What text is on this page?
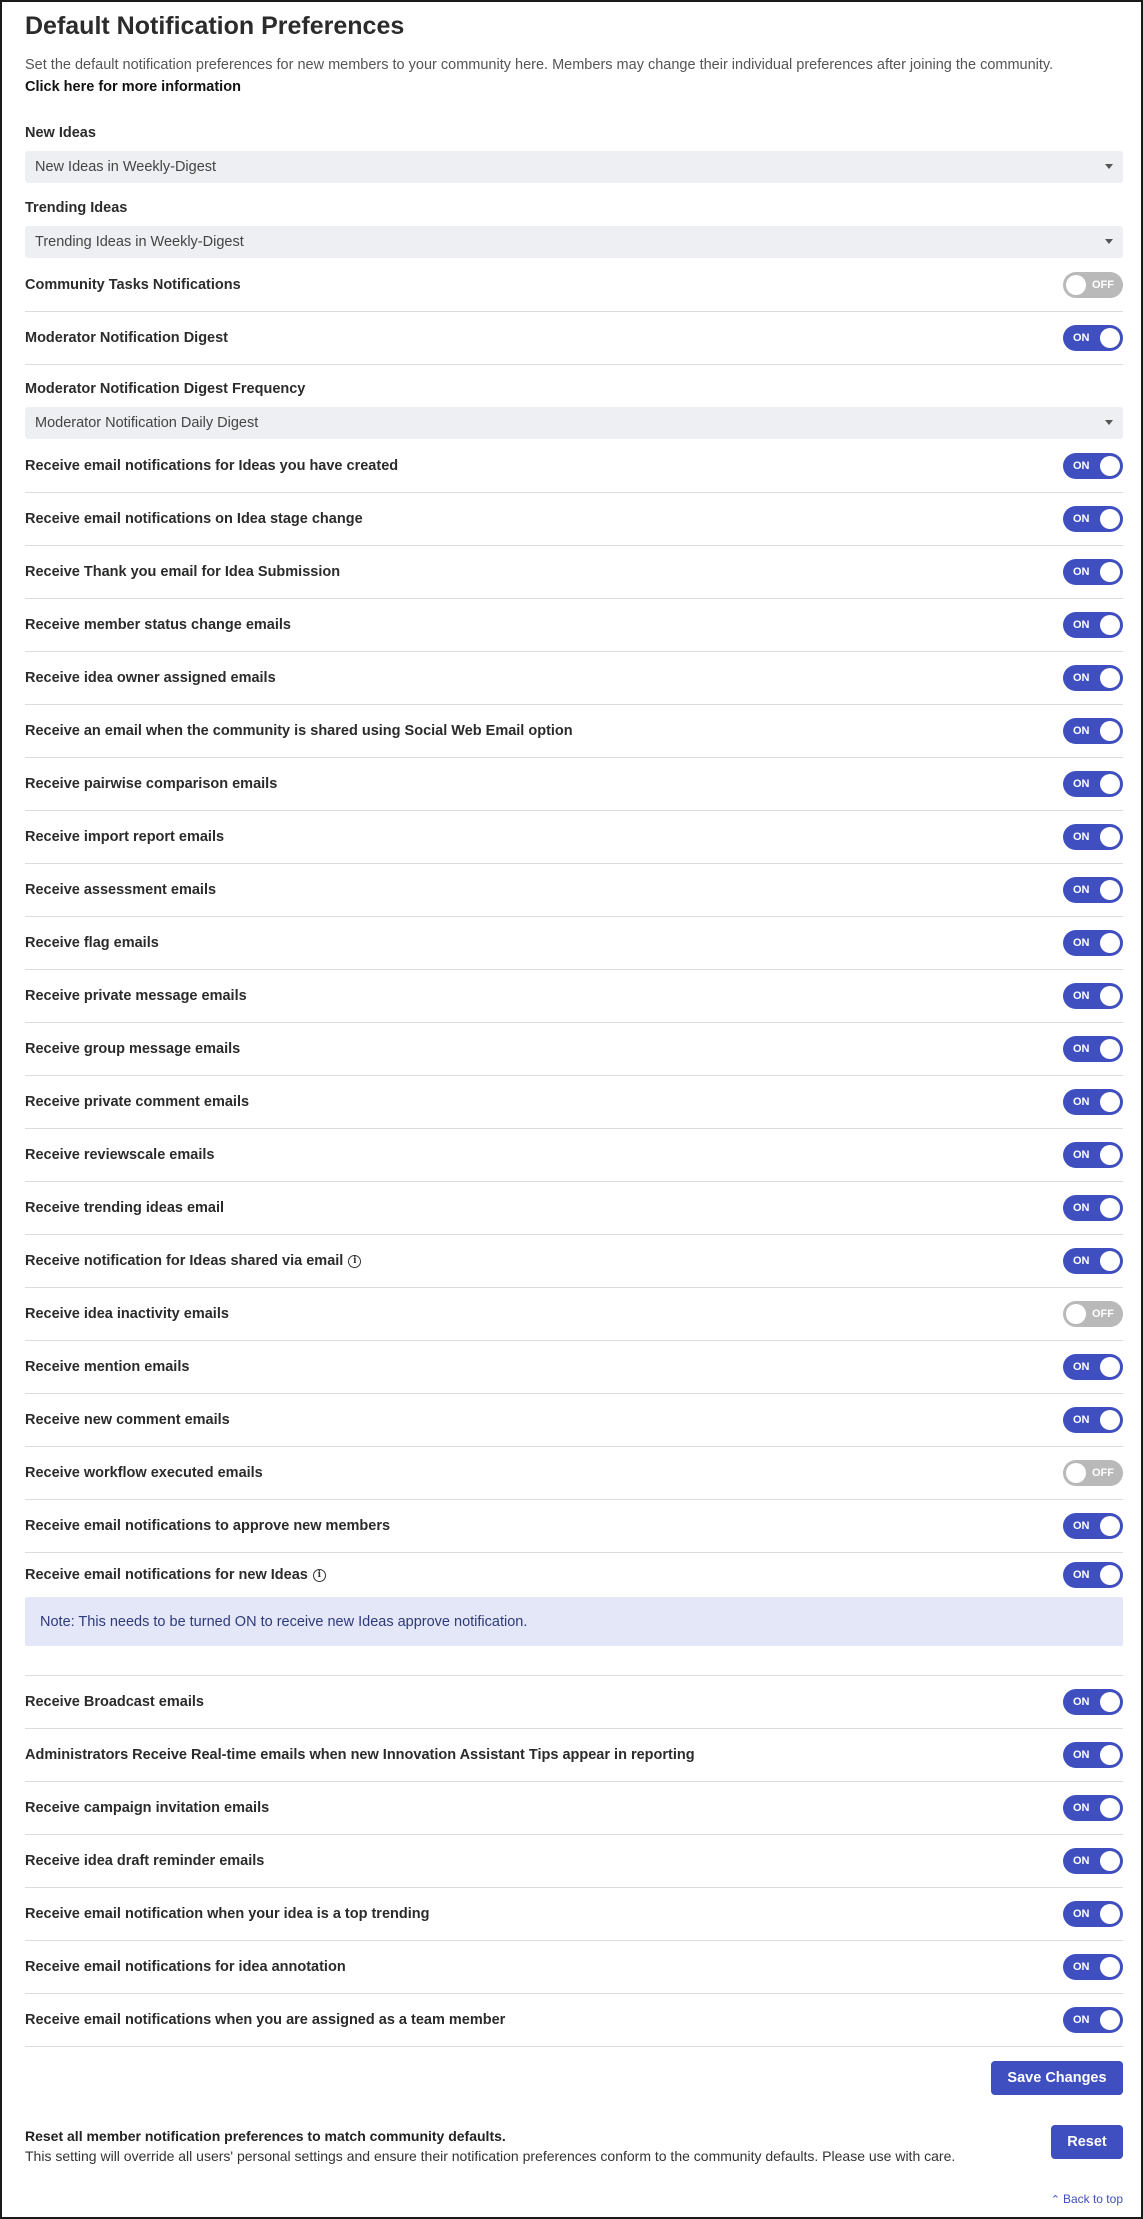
Default Notification Preferences
Set the default notification preferences for new members to your community here. Members may change their individual preferences after joining the community.
Click here for more information
New Ideas
New Ideas in Weekly-Digest
Trending Ideas
Trending Ideas in Weekly-Digest
Community Tasks Notifications	OFF
Moderator Notification Digest	ON
Moderator Notification Digest Frequency
Moderator Notification Daily Digest
Receive email notifications for Ideas you have created	ON
Receive email notifications on Idea stage change	ON
Receive Thank you email for Idea Submission	ON
Receive member status change emails	ON
Receive idea owner assigned emails	ON
Receive an email when the community is shared using Social Web Email option	ON
Receive pairwise comparison emails	ON
Receive import report emails	ON
Receive assessment emails	ON
Receive flag emails	ON
Receive private message emails	ON
Receive group message emails	ON
Receive private comment emails	ON
Receive reviewscale emails	ON
Receive trending ideas email	ON
Receive notification for Ideas shared via email	i	ON
Receive idea inactivity emails	OFF
Receive mention emails	ON
Receive new comment emails	ON
Receive workflow executed emails	OFF
Receive email notifications to approve new members	ON
Receive email notifications for new Ideas	i	ON
Note: This needs to be turned ON to receive new Ideas approve notification.
Receive Broadcast emails	ON
Administrators Receive Real-time emails when new Innovation Assistant Tips appear in reporting	ON
Receive campaign invitation emails	ON
Receive idea draft reminder emails	ON
Receive email notification when your idea is a top trending	ON
Receive email notifications for idea annotation	ON
Receive email notifications when you are assigned as a team member	ON
Save Changes
Reset all member notification preferences to match community defaults.
This setting will override all users' personal settings and ensure their notification preferences conform to the community defaults. Please use with care.
Reset
⌃ Back to top
